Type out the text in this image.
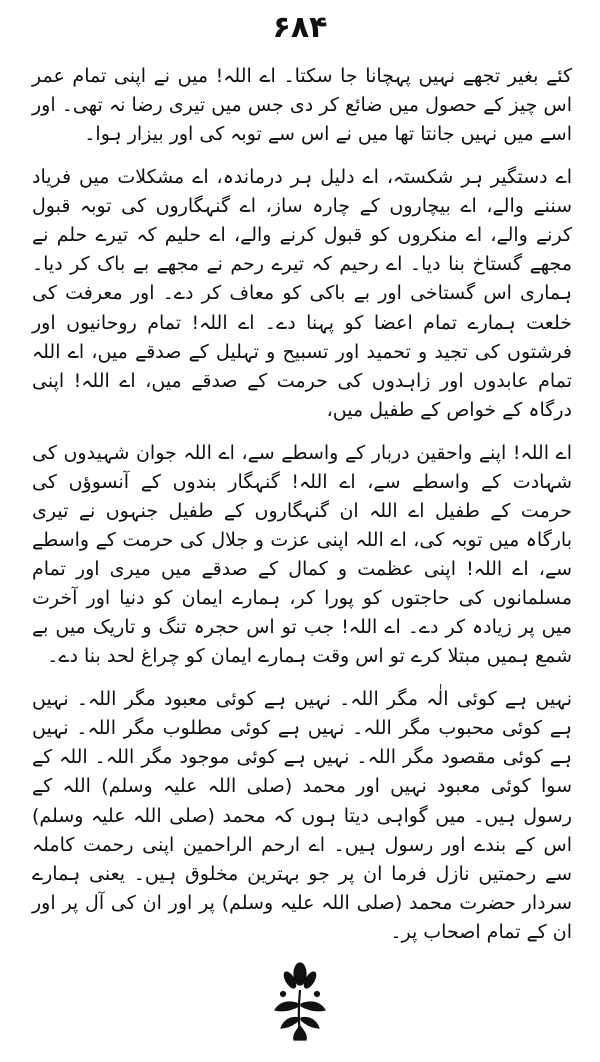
۶۸۴

کئے بغیر تجھے نہیں پہچانا جا سکتا۔ اے اللہ! میں نے اپنی تمام عمر اس چیز کے حصول میں ضائع کر دی جس میں تیری رضا نہ تھی۔ اور اسے میں نہیں جانتا تھا میں نے اس سے توبہ کی اور بیزار ہوا۔

اے دستگیر ہر شکستہ، اے دلیل ہر درماندہ، اے مشکلات میں فریاد سننے والے، اے بیچاروں کے چارہ ساز، اے گنہگاروں کی توبہ قبول کرنے والے، اے منکروں کو قبول کرنے والے، اے حلیم کہ تیرے حلم نے مجھے گستاخ بنا دیا۔ اے رحیم کہ تیرے رحم نے مجھے بے باک کر دیا۔ ہماری اس گستاخی اور بے باکی کو معاف کر دے۔ اور معرفت کی خلعت ہمارے تمام اعضا کو پہنا دے۔ اے اللہ! تمام روحانیوں اور فرشتوں کی تجید و تحمید اور تسبیح و تہلیل کے صدقے میں، اے اللہ تمام عابدوں اور زاہدوں کی حرمت کے صدقے میں، اے اللہ! اپنی درگاہ کے خواص کے طفیل میں،

اے اللہ! اپنے واحقین دربار کے واسطے سے، اے اللہ جوان شہیدوں کی شہادت کے واسطے سے، اے اللہ! گنہگار بندوں کے آنسوؤں کی حرمت کے طفیل اے اللہ ان گنہگاروں کے طفیل جنہوں نے تیری بارگاہ میں توبہ کی، اے اللہ اپنی عزت و جلال کی حرمت کے واسطے سے، اے اللہ! اپنی عظمت و کمال کے صدقے میں میری اور تمام مسلمانوں کی حاجتوں کو پورا کر، ہمارے ایمان کو دنیا اور آخرت میں پر زیادہ کر دے۔ اے اللہ! جب تو اس حجرہ تنگ و تاریک میں بے شمع ہمیں مبتلا کرے تو اس وقت ہمارے ایمان کو چراغ لحد بنا دے۔

نہیں ہے کوئی الٰہ مگر اللہ۔ نہیں ہے کوئی معبود مگر اللہ۔ نہیں ہے کوئی محبوب مگر اللہ۔ نہیں ہے کوئی مطلوب مگر اللہ۔ نہیں ہے کوئی مقصود مگر اللہ۔ نہیں ہے کوئی موجود مگر اللہ۔ اللہ کے سوا کوئی معبود نہیں اور محمد (صلی اللہ علیہ وسلم) اللہ کے رسول ہیں۔ میں گواہی دیتا ہوں کہ محمد (صلی اللہ علیہ وسلم) اس کے بندے اور رسول ہیں۔ اے ارحم الراحمین اپنی رحمت کاملہ سے رحمتیں نازل فرما ان پر جو بہترین مخلوق ہیں۔ یعنی ہمارے سردار حضرت محمد (صلی اللہ علیہ وسلم) پر اور ان کی آل پر اور ان کے تمام اصحاب پر۔
